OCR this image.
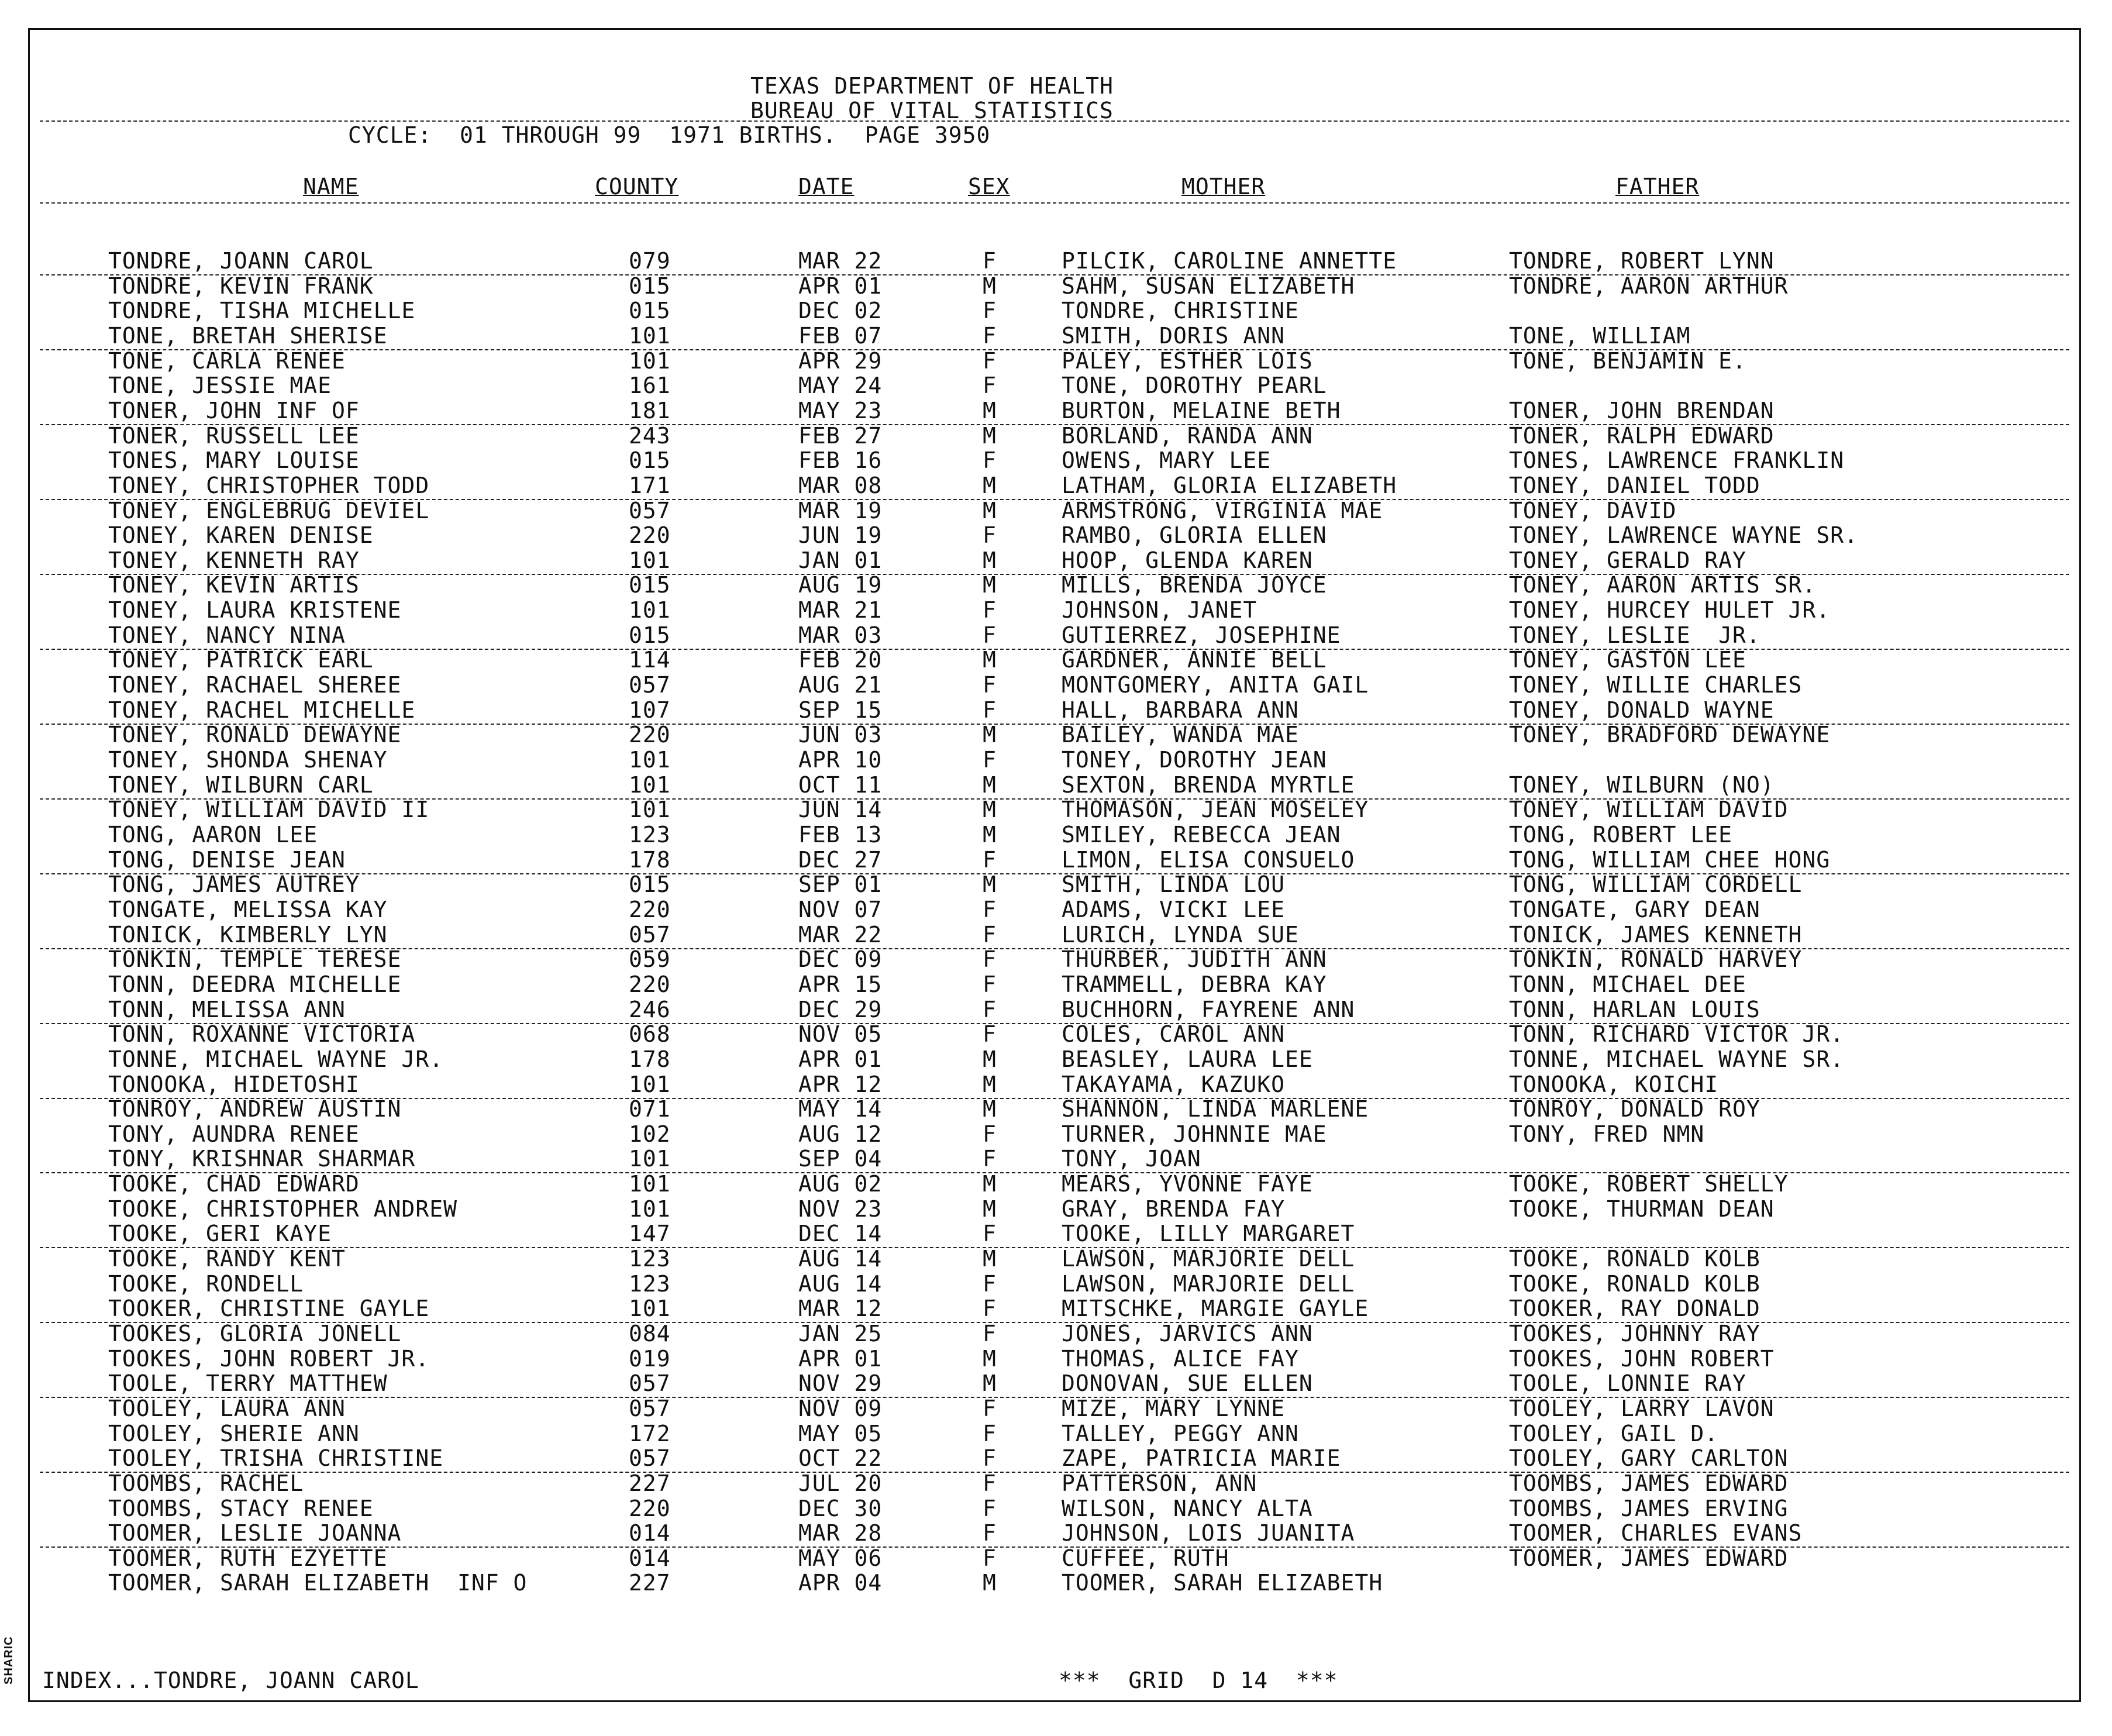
SHARIC
TEXAS DEPARTMENT OF HEALTH
BUREAU OF VITAL STATISTICS
CYCLE:  01 THROUGH 99  1971 BIRTHS.  PAGE 3950
NAME	COUNTY	DATE	SEX	MOTHER	FATHER
TONDRE, JOANN CAROL	079	MAR 22	F	PILCIK, CAROLINE ANNETTE	TONDRE, ROBERT LYNN
TONDRE, KEVIN FRANK	015	APR 01	M	SAHM, SUSAN ELIZABETH	TONDRE, AARON ARTHUR
TONDRE, TISHA MICHELLE	015	DEC 02	F	TONDRE, CHRISTINE
TONE, BRETAH SHERISE	101	FEB 07	F	SMITH, DORIS ANN	TONE, WILLIAM
TONE, CARLA RENEE	101	APR 29	F	PALEY, ESTHER LOIS	TONE, BENJAMIN E.
TONE, JESSIE MAE	161	MAY 24	F	TONE, DOROTHY PEARL
TONER, JOHN INF OF	181	MAY 23	M	BURTON, MELAINE BETH	TONER, JOHN BRENDAN
TONER, RUSSELL LEE	243	FEB 27	M	BORLAND, RANDA ANN	TONER, RALPH EDWARD
TONES, MARY LOUISE	015	FEB 16	F	OWENS, MARY LEE	TONES, LAWRENCE FRANKLIN
TONEY, CHRISTOPHER TODD	171	MAR 08	M	LATHAM, GLORIA ELIZABETH	TONEY, DANIEL TODD
TONEY, ENGLEBRUG DEVIEL	057	MAR 19	M	ARMSTRONG, VIRGINIA MAE	TONEY, DAVID
TONEY, KAREN DENISE	220	JUN 19	F	RAMBO, GLORIA ELLEN	TONEY, LAWRENCE WAYNE SR.
TONEY, KENNETH RAY	101	JAN 01	M	HOOP, GLENDA KAREN	TONEY, GERALD RAY
TONEY, KEVIN ARTIS	015	AUG 19	M	MILLS, BRENDA JOYCE	TONEY, AARON ARTIS SR.
TONEY, LAURA KRISTENE	101	MAR 21	F	JOHNSON, JANET	TONEY, HURCEY HULET JR.
TONEY, NANCY NINA	015	MAR 03	F	GUTIERREZ, JOSEPHINE	TONEY, LESLIE  JR.
TONEY, PATRICK EARL	114	FEB 20	M	GARDNER, ANNIE BELL	TONEY, GASTON LEE
TONEY, RACHAEL SHEREE	057	AUG 21	F	MONTGOMERY, ANITA GAIL	TONEY, WILLIE CHARLES
TONEY, RACHEL MICHELLE	107	SEP 15	F	HALL, BARBARA ANN	TONEY, DONALD WAYNE
TONEY, RONALD DEWAYNE	220	JUN 03	M	BAILEY, WANDA MAE	TONEY, BRADFORD DEWAYNE
TONEY, SHONDA SHENAY	101	APR 10	F	TONEY, DOROTHY JEAN
TONEY, WILBURN CARL	101	OCT 11	M	SEXTON, BRENDA MYRTLE	TONEY, WILBURN (NO)
TONEY, WILLIAM DAVID II	101	JUN 14	M	THOMASON, JEAN MOSELEY	TONEY, WILLIAM DAVID
TONG, AARON LEE	123	FEB 13	M	SMILEY, REBECCA JEAN	TONG, ROBERT LEE
TONG, DENISE JEAN	178	DEC 27	F	LIMON, ELISA CONSUELO	TONG, WILLIAM CHEE HONG
TONG, JAMES AUTREY	015	SEP 01	M	SMITH, LINDA LOU	TONG, WILLIAM CORDELL
TONGATE, MELISSA KAY	220	NOV 07	F	ADAMS, VICKI LEE	TONGATE, GARY DEAN
TONICK, KIMBERLY LYN	057	MAR 22	F	LURICH, LYNDA SUE	TONICK, JAMES KENNETH
TONKIN, TEMPLE TERESE	059	DEC 09	F	THURBER, JUDITH ANN	TONKIN, RONALD HARVEY
TONN, DEEDRA MICHELLE	220	APR 15	F	TRAMMELL, DEBRA KAY	TONN, MICHAEL DEE
TONN, MELISSA ANN	246	DEC 29	F	BUCHHORN, FAYRENE ANN	TONN, HARLAN LOUIS
TONN, ROXANNE VICTORIA	068	NOV 05	F	COLES, CAROL ANN	TONN, RICHARD VICTOR JR.
TONNE, MICHAEL WAYNE JR.	178	APR 01	M	BEASLEY, LAURA LEE	TONNE, MICHAEL WAYNE SR.
TONOOKA, HIDETOSHI	101	APR 12	M	TAKAYAMA, KAZUKO	TONOOKA, KOICHI
TONROY, ANDREW AUSTIN	071	MAY 14	M	SHANNON, LINDA MARLENE	TONROY, DONALD ROY
TONY, AUNDRA RENEE	102	AUG 12	F	TURNER, JOHNNIE MAE	TONY, FRED NMN
TONY, KRISHNAR SHARMAR	101	SEP 04	F	TONY, JOAN
TOOKE, CHAD EDWARD	101	AUG 02	M	MEARS, YVONNE FAYE	TOOKE, ROBERT SHELLY
TOOKE, CHRISTOPHER ANDREW	101	NOV 23	M	GRAY, BRENDA FAY	TOOKE, THURMAN DEAN
TOOKE, GERI KAYE	147	DEC 14	F	TOOKE, LILLY MARGARET
TOOKE, RANDY KENT	123	AUG 14	M	LAWSON, MARJORIE DELL	TOOKE, RONALD KOLB
TOOKE, RONDELL	123	AUG 14	F	LAWSON, MARJORIE DELL	TOOKE, RONALD KOLB
TOOKER, CHRISTINE GAYLE	101	MAR 12	F	MITSCHKE, MARGIE GAYLE	TOOKER, RAY DONALD
TOOKES, GLORIA JONELL	084	JAN 25	F	JONES, JARVICS ANN	TOOKES, JOHNNY RAY
TOOKES, JOHN ROBERT JR.	019	APR 01	M	THOMAS, ALICE FAY	TOOKES, JOHN ROBERT
TOOLE, TERRY MATTHEW	057	NOV 29	M	DONOVAN, SUE ELLEN	TOOLE, LONNIE RAY
TOOLEY, LAURA ANN	057	NOV 09	F	MIZE, MARY LYNNE	TOOLEY, LARRY LAVON
TOOLEY, SHERIE ANN	172	MAY 05	F	TALLEY, PEGGY ANN	TOOLEY, GAIL D.
TOOLEY, TRISHA CHRISTINE	057	OCT 22	F	ZAPE, PATRICIA MARIE	TOOLEY, GARY CARLTON
TOOMBS, RACHEL	227	JUL 20	F	PATTERSON, ANN	TOOMBS, JAMES EDWARD
TOOMBS, STACY RENEE	220	DEC 30	F	WILSON, NANCY ALTA	TOOMBS, JAMES ERVING
TOOMER, LESLIE JOANNA	014	MAR 28	F	JOHNSON, LOIS JUANITA	TOOMER, CHARLES EVANS
TOOMER, RUTH EZYETTE	014	MAY 06	F	CUFFEE, RUTH	TOOMER, JAMES EDWARD
TOOMER, SARAH ELIZABETH  INF O	227	APR 04	M	TOOMER, SARAH ELIZABETH
INDEX...TONDRE, JOANN CAROL	***  GRID  D 14  ***
